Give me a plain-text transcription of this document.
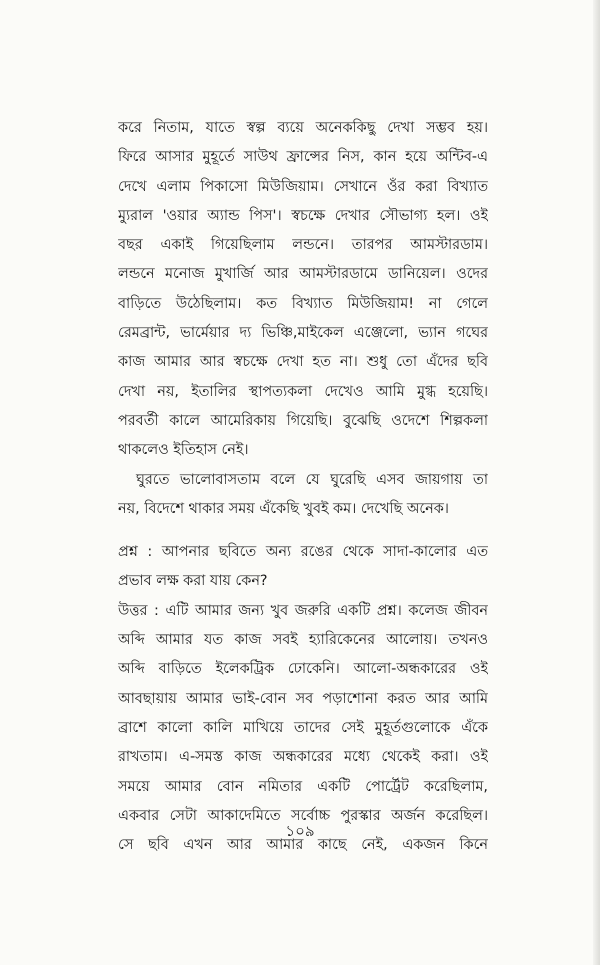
করে নিতাম, যাতে স্বল্প ব্যয়ে অনেককিছু দেখা সম্ভব হয়।

ফিরে আসার মুহূর্তে সাউথ ফ্রান্সের নিস, কান হয়ে অন্টিব-এ

দেখে এলাম পিকাসো মিউজিয়াম। সেখানে ওঁর করা বিখ্যাত

ম্যুরাল 'ওয়ার অ্যান্ড পিস'। স্বচক্ষে দেখার সৌভাগ্য হল। ওই

বছর একাই গিয়েছিলাম লন্ডনে। তারপর আমস্টারডাম।

লন্ডনে মনোজ মুখার্জি আর আমস্টারডামে ডানিয়েল। ওদের

বাড়িতে উঠেছিলাম। কত বিখ্যাত মিউজিয়াম! না গেলে

রেমব্রান্ট, ভার্মেয়ার দ্য ভিঞ্চি,মাইকেল এঞ্জেলো, ভ্যান গঘের

কাজ আমার আর স্বচক্ষে দেখা হত না। শুধু তো এঁদের ছবি

দেখা নয়, ইতালির স্থাপত্যকলা দেখেও আমি মুগ্ধ হয়েছি।

পরবর্তী কালে আমেরিকায় গিয়েছি। বুঝেছি ওদেশে শিল্পকলা

থাকলেও ইতিহাস নেই।

ঘুরতে ভালোবাসতাম বলে যে ঘুরেছি এসব জায়গায় তা

নয়, বিদেশে থাকার সময় এঁকেছি খুবই কম। দেখেছি অনেক।

প্রশ্ন : আপনার ছবিতে অন্য রঙের থেকে সাদা-কালোর এত

প্রভাব লক্ষ করা যায় কেন?

উত্তর : এটি আমার জন্য খুব জরুরি একটি প্রশ্ন। কলেজ জীবন

অব্দি আমার যত কাজ সবই হ্যারিকেনের আলোয়। তখনও

অব্দি বাড়িতে ইলেকট্রিক ঢোকেনি। আলো-অন্ধকারের ওই

আবছায়ায় আমার ভাই-বোন সব পড়াশোনা করত আর আমি

ব্রাশে কালো কালি মাখিয়ে তাদের সেই মুহূর্তগুলোকে এঁকে

রাখতাম। এ-সমস্ত কাজ অন্ধকারের মধ্যে থেকেই করা। ওই

সময়ে আমার বোন নমিতার একটি পোর্ট্রেট করেছিলাম,

একবার সেটা আকাদেমিতে সর্বোচ্চ পুরস্কার অর্জন করেছিল।

সে ছবি এখন আর আমার কাছে নেই, একজন কিনে

১০৯
